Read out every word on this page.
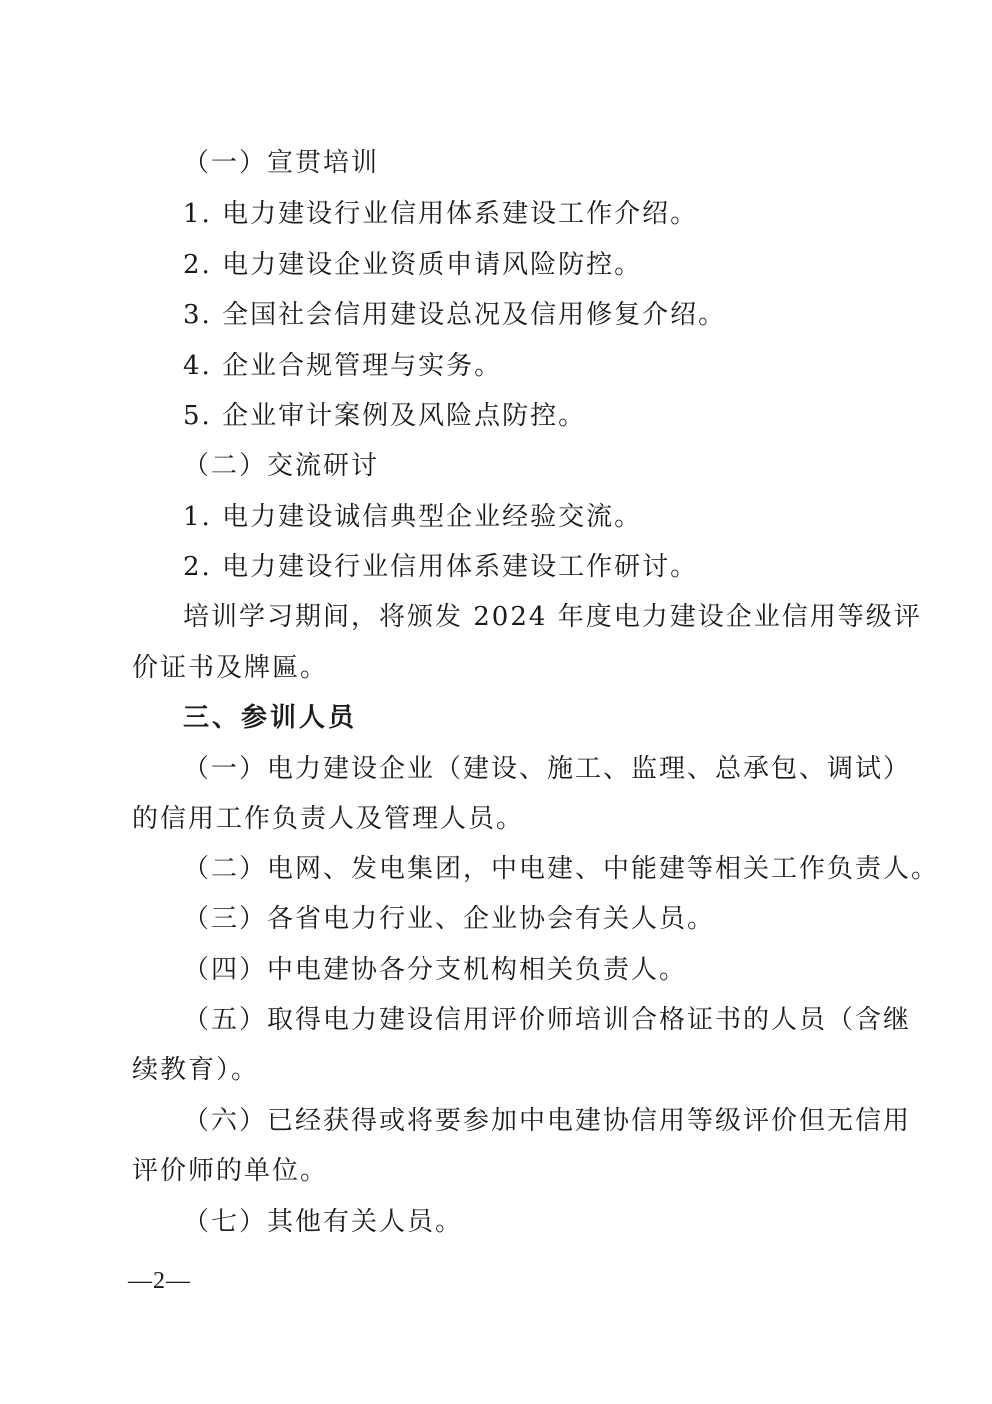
（一）宣贯培训
1. 电力建设行业信用体系建设工作介绍。
2. 电力建设企业资质申请风险防控。
3. 全国社会信用建设总况及信用修复介绍。
4. 企业合规管理与实务。
5. 企业审计案例及风险点防控。
（二）交流研讨
1. 电力建设诚信典型企业经验交流。
2. 电力建设行业信用体系建设工作研讨。
培训学习期间，将颁发 2024 年度电力建设企业信用等级评
价证书及牌匾。
三、参训人员
（一）电力建设企业（建设、施工、监理、总承包、调试）
的信用工作负责人及管理人员。
（二）电网、发电集团，中电建、中能建等相关工作负责人。
（三）各省电力行业、企业协会有关人员。
（四）中电建协各分支机构相关负责人。
（五）取得电力建设信用评价师培训合格证书的人员（含继
续教育）。
（六）已经获得或将要参加中电建协信用等级评价但无信用
评价师的单位。
（七）其他有关人员。
—2—
